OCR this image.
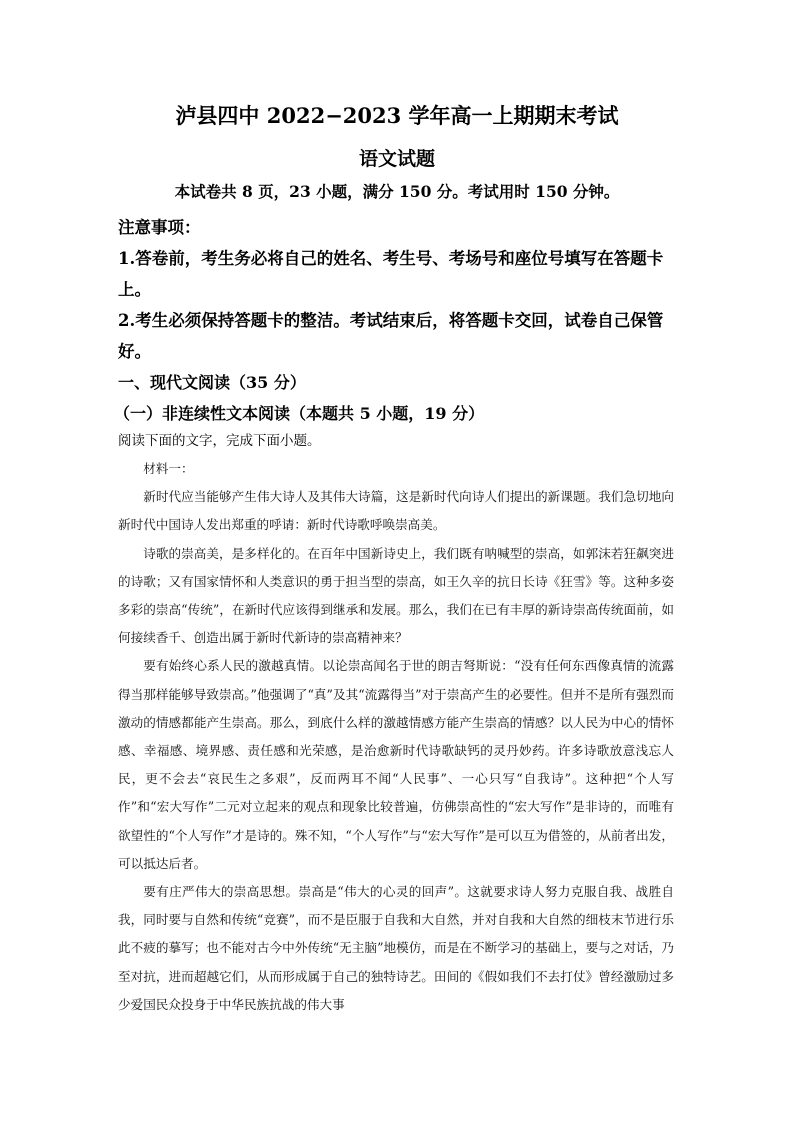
泸县四中 2022−2023 学年高一上期期末考试
语文试题
本试卷共 8 页，23 小题，满分 150 分。考试用时 150 分钟。

注意事项：

1.答卷前，考生务必将自己的姓名、考生号、考场号和座位号填写在答题卡上。

2.考生必须保持答题卡的整洁。考试结束后，将答题卡交回，试卷自己保管好。

一、现代文阅读（35 分）

（一）非连续性文本阅读（本题共 5 小题，19 分）

阅读下面的文字，完成下面小题。

材料一：

新时代应当能够产生伟大诗人及其伟大诗篇，这是新时代向诗人们提出的新课题。我们急切地向新时代中国诗人发出郑重的呼请：新时代诗歌呼唤崇高美。

诗歌的崇高美，是多样化的。在百年中国新诗史上，我们既有呐喊型的崇高，如郭沫若狂飙突进的诗歌；又有国家情怀和人类意识的勇于担当型的崇高，如王久辛的抗日长诗《狂雪》等。这种多姿多彩的崇高“传统”，在新时代应该得到继承和发展。那么，我们在已有丰厚的新诗崇高传统面前，如何接续香千、创造出属于新时代新诗的崇高精神来？

要有始终心系人民的激越真情。以论崇高闻名于世的朗吉弩斯说：“没有任何东西像真情的流露得当那样能够导致崇高。”他强调了“真”及其“流露得当”对于崇高产生的必要性。但并不是所有强烈而激动的情感都能产生崇高。那么，到底什么样的激越情感方能产生崇高的情感？以人民为中心的情怀感、幸福感、境界感、责任感和光荣感，是治愈新时代诗歌缺钙的灵丹妙药。许多诗歌放意浅忘人民，更不会去“哀民生之多艰”，反而两耳不闻“人民事”、一心只写“自我诗”。这种把“个人写作”和“宏大写作”二元对立起来的观点和现象比较普遍，仿佛崇高性的“宏大写作”是非诗的，而唯有欲望性的“个人写作”才是诗的。殊不知，“个人写作”与“宏大写作”是可以互为借签的，从前者出发，可以抵达后者。

要有庄严伟大的崇高思想。崇高是“伟大的心灵的回声”。这就要求诗人努力克服自我、战胜自我，同时要与自然和传统“竞赛”，而不是臣服于自我和大自然，并对自我和大自然的细枝末节进行乐此不疲的摹写；也不能对古今中外传统“无主脑”地模仿，而是在不断学习的基础上，要与之对话，乃至对抗，进而超越它们，从而形成属于自己的独特诗艺。田间的《假如我们不去打仗》曾经激励过多少爱国民众投身于中华民族抗战的伟大事
